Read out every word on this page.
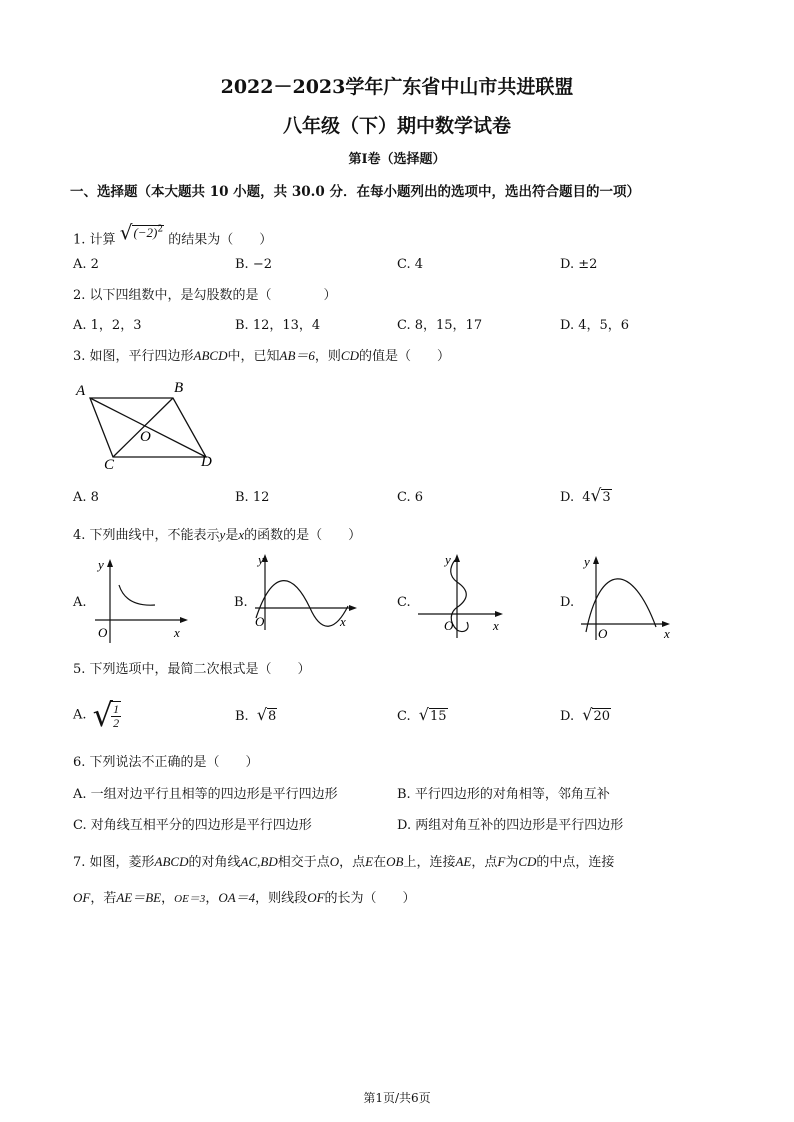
2022－2023学年广东省中山市共进联盟
八年级（下）期中数学试卷
第I卷（选择题）
一、选择题（本大题共 10 小题，共 30.0 分．在每小题列出的选项中，选出符合题目的一项）
1. 计算 $√(-2)^2$ 的结果为（　　）
A. 2	B. −2	C. 4	D. ±2
2. 以下四组数中，是勾股数的是（　　　　）
A. 1，2，3	B. 12，13，4	C. 8，15，17	D. 4，5，6
3. 如图，平行四边形ABCD中，已知AB＝6，则CD的值是（　　）
A	B
C	D
O
A. 8	B. 12	C. 6	D. 4√3
4. 下列曲线中，不能表示y是x的函数的是（　　）
A.
y
x
O
B.
y
x
O
C.
y
x
O
D.
y
x
O
5. 下列选项中，最简二次根式是（　　）
A. √
$\frac{1}{2}$	B. √8	C. √15	D. √20
6. 下列说法不正确的是（　　）
A. 一组对边平行且相等的四边形是平行四边形	B. 平行四边形的对角相等，邻角互补
C. 对角线互相平分的四边形是平行四边形	D. 两组对角互补的四边形是平行四边形
7. 如图，菱形ABCD的对角线AC,BD相交于点O，点E在OB上，连接AE，点F为CD的中点，连接
OF，若AE＝BE，OE＝3，OA＝4，则线段OF的长为（　　）
第1页/共6页
